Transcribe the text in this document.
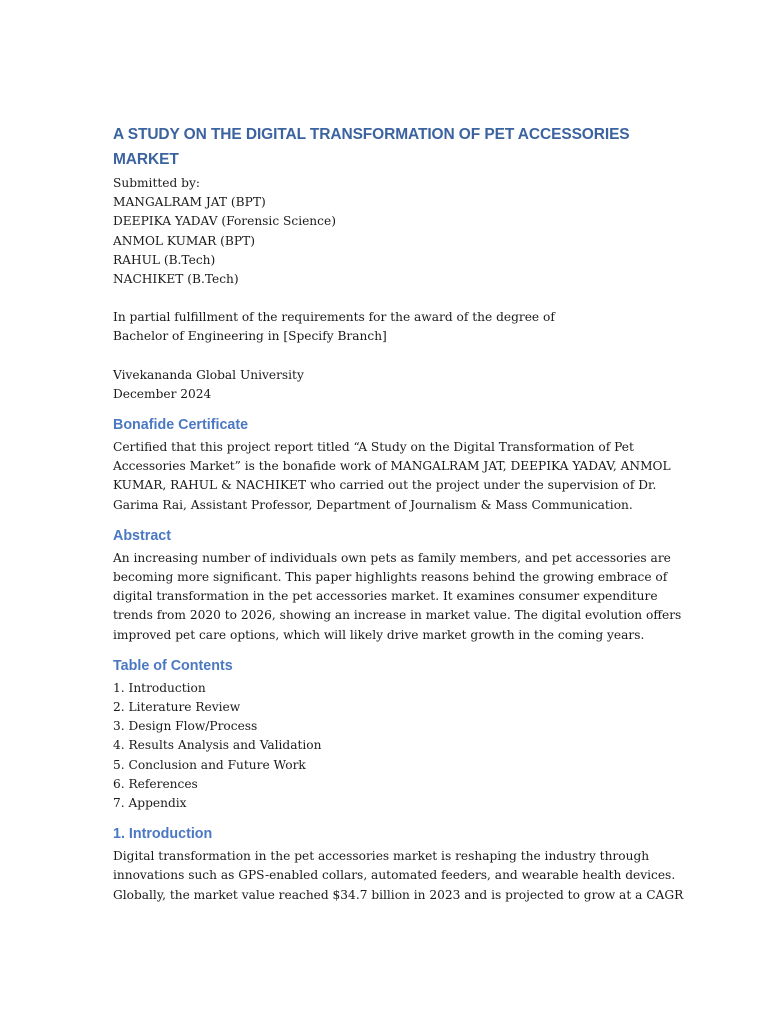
A STUDY ON THE DIGITAL TRANSFORMATION OF PET ACCESSORIES
MARKET
Submitted by:
MANGALRAM JAT (BPT)
DEEPIKA YADAV (Forensic Science)
ANMOL KUMAR (BPT)
RAHUL (B.Tech)
NACHIKET (B.Tech)
In partial fulfillment of the requirements for the award of the degree of
Bachelor of Engineering in [Specify Branch]
Vivekananda Global University
December 2024
Bonafide Certificate
Certified that this project report titled “A Study on the Digital Transformation of Pet
Accessories Market” is the bonafide work of MANGALRAM JAT, DEEPIKA YADAV, ANMOL
KUMAR, RAHUL & NACHIKET who carried out the project under the supervision of Dr.
Garima Rai, Assistant Professor, Department of Journalism & Mass Communication.
Abstract
An increasing number of individuals own pets as family members, and pet accessories are
becoming more significant. This paper highlights reasons behind the growing embrace of
digital transformation in the pet accessories market. It examines consumer expenditure
trends from 2020 to 2026, showing an increase in market value. The digital evolution offers
improved pet care options, which will likely drive market growth in the coming years.
Table of Contents
1. Introduction
2. Literature Review
3. Design Flow/Process
4. Results Analysis and Validation
5. Conclusion and Future Work
6. References
7. Appendix
1. Introduction
Digital transformation in the pet accessories market is reshaping the industry through
innovations such as GPS-enabled collars, automated feeders, and wearable health devices.
Globally, the market value reached $34.7 billion in 2023 and is projected to grow at a CAGR
